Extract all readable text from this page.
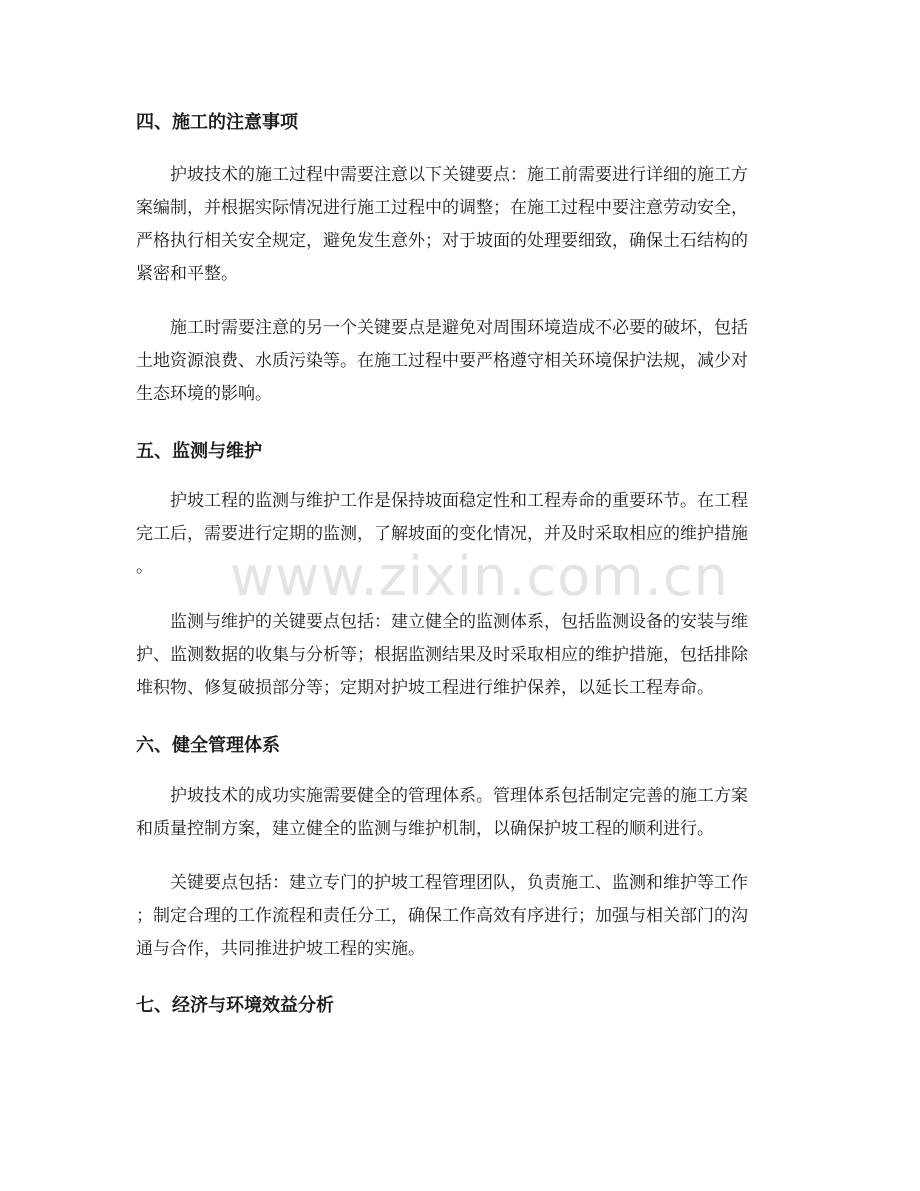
四、施工的注意事项
　　护坡技术的施工过程中需要注意以下关键要点：施工前需要进行详细的施工方
案编制，并根据实际情况进行施工过程中的调整；在施工过程中要注意劳动安全，
严格执行相关安全规定，避免发生意外；对于坡面的处理要细致，确保土石结构的
紧密和平整。
　　施工时需要注意的另一个关键要点是避免对周围环境造成不必要的破坏，包括
土地资源浪费、水质污染等。在施工过程中要严格遵守相关环境保护法规，减少对
生态环境的影响。
五、监测与维护
　　护坡工程的监测与维护工作是保持坡面稳定性和工程寿命的重要环节。在工程
完工后，需要进行定期的监测，了解坡面的变化情况，并及时采取相应的维护措施
。
　　监测与维护的关键要点包括：建立健全的监测体系，包括监测设备的安装与维
护、监测数据的收集与分析等；根据监测结果及时采取相应的维护措施，包括排除
堆积物、修复破损部分等；定期对护坡工程进行维护保养，以延长工程寿命。
六、健全管理体系
　　护坡技术的成功实施需要健全的管理体系。管理体系包括制定完善的施工方案
和质量控制方案，建立健全的监测与维护机制，以确保护坡工程的顺利进行。
　　关键要点包括：建立专门的护坡工程管理团队，负责施工、监测和维护等工作
；制定合理的工作流程和责任分工，确保工作高效有序进行；加强与相关部门的沟
通与合作，共同推进护坡工程的实施。
七、经济与环境效益分析
www.zixin.com.cn
